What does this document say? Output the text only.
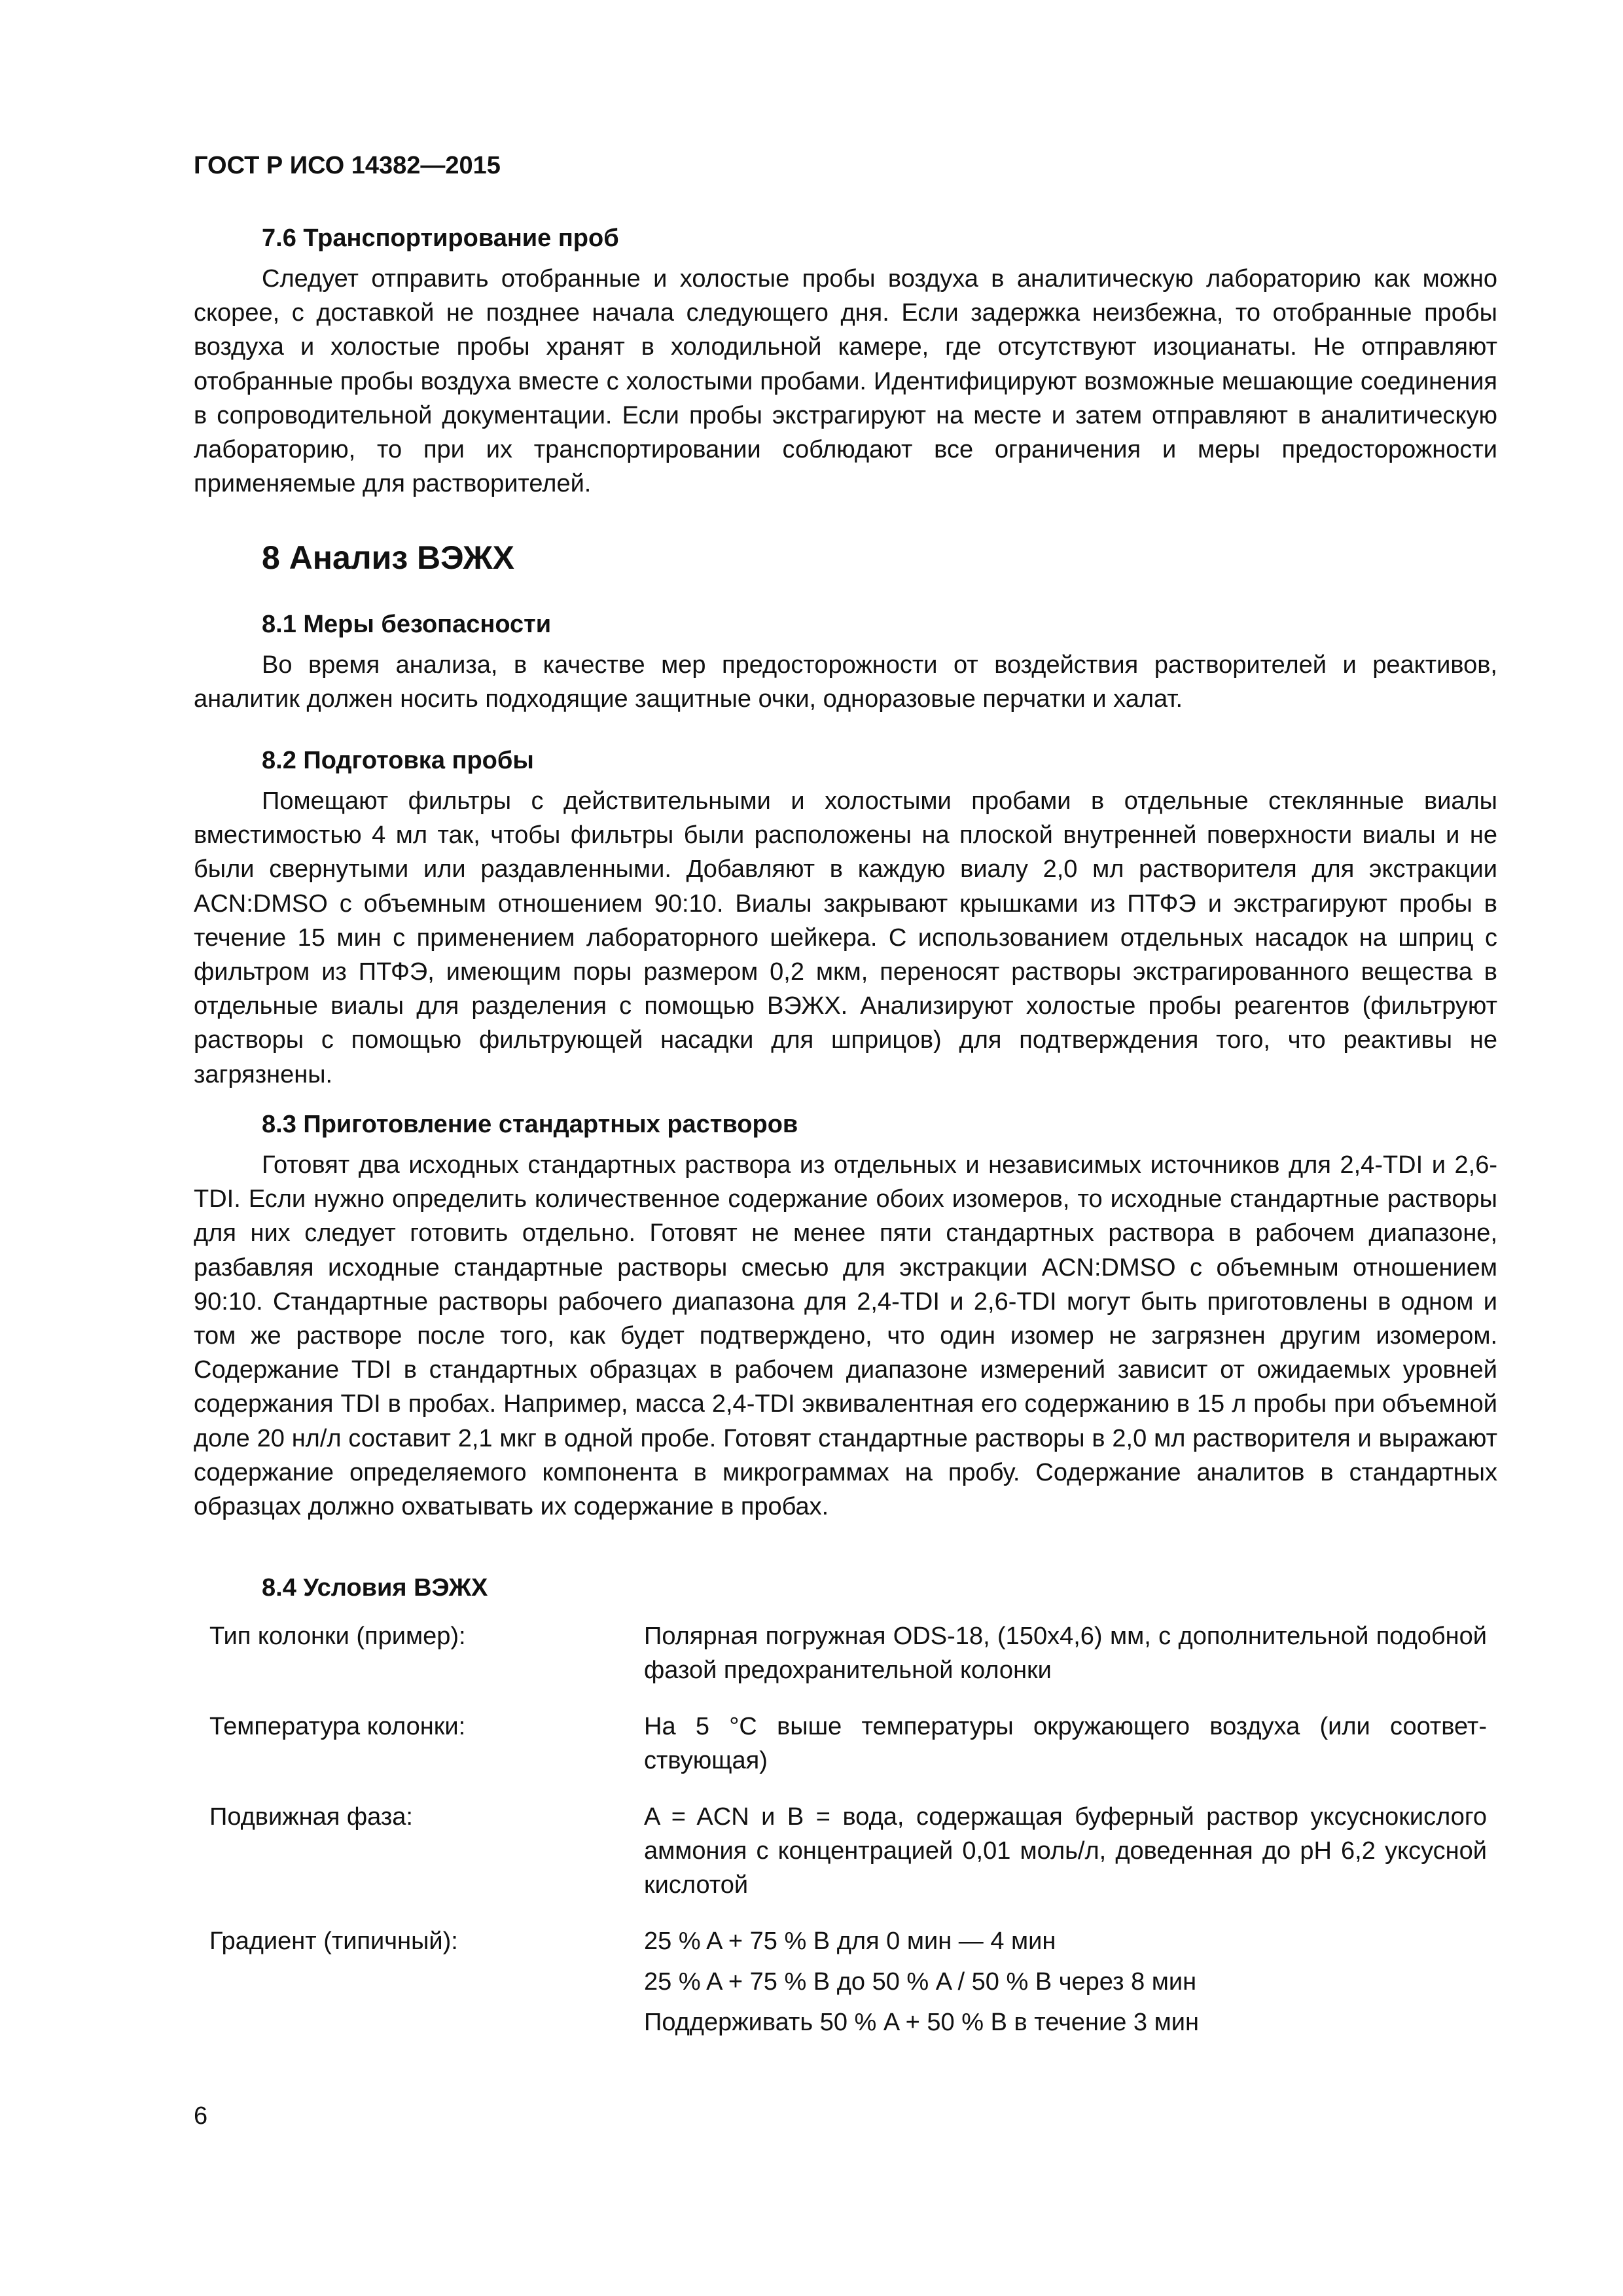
ГОСТ Р ИСО 14382—2015
7.6 Транспортирование проб

Следует отправить отобранные и холостые пробы воздуха в аналитическую лабораторию как можно скорее, с доставкой не позднее начала следующего дня. Если задержка неизбежна, то отобранные пробы воздуха и холостые пробы хранят в холодильной камере, где отсутствуют изоцианаты. Не отправляют отобранные пробы воздуха вместе с холостыми пробами. Идентифицируют возможные мешающие соединения в сопроводительной документации. Если пробы экстрагируют на месте и затем отправляют в аналитическую лабораторию, то при их транспортировании соблюдают все ограничения и меры предосторожности применяемые для растворителей.

8 Анализ ВЭЖХ
8.1 Меры безопасности

Во время анализа, в качестве мер предосторожности от воздействия растворителей и реактивов, аналитик должен носить подходящие защитные очки, одноразовые перчатки и халат.

8.2 Подготовка пробы

Помещают фильтры с действительными и холостыми пробами в отдельные стеклянные виалы вместимостью 4 мл так, чтобы фильтры были расположены на плоской внутренней поверхности виалы и не были свернутыми или раздавленными. Добавляют в каждую виалу 2,0 мл растворителя для экстракции ACN:DMSO с объемным отношением 90:10. Виалы закрывают крышками из ПТФЭ и экстрагируют пробы в течение 15 мин с применением лабораторного шейкера. С использованием отдельных насадок на шприц с фильтром из ПТФЭ, имеющим поры размером 0,2 мкм, переносят растворы экстрагированного вещества в отдельные виалы для разделения с помощью ВЭЖХ. Анализируют холостые пробы реагентов (фильтруют растворы с помощью фильтрующей насадки для шприцов) для подтверждения того, что реактивы не загрязнены.

8.3 Приготовление стандартных растворов

Готовят два исходных стандартных раствора из отдельных и независимых источников для 2,4-TDI и 2,6-TDI. Если нужно определить количественное содержание обоих изомеров, то исходные стандартные растворы для них следует готовить отдельно. Готовят не менее пяти стандартных раствора в рабочем диапазоне, разбавляя исходные стандартные растворы смесью для экстракции ACN:DMSO с объемным отношением 90:10. Стандартные растворы рабочего диапазона для 2,4-TDI и 2,6-TDI могут быть приготовлены в одном и том же растворе после того, как будет подтверждено, что один изомер не загрязнен другим изомером. Содержание TDI в стандартных образцах в рабочем диапазоне измерений зависит от ожидаемых уровней содержания TDI в пробах. Например, масса 2,4-TDI эквивалентная его содержанию в 15 л пробы при объемной доле 20 нл/л составит 2,1 мкг в одной пробе. Готовят стандартные растворы в 2,0 мл растворителя и выражают содержание определяемого компонента в микрограммах на пробу. Содержание аналитов в стандартных образцах должно охватывать их содержание в пробах.

8.4 Условия ВЭЖХ
Тип колонки (пример):	Полярная погружная ODS-18, (150x4,6) мм, с дополнительной подобной фазой предохранительной колонки
Температура колонки:	На 5 °С выше температуры окружающего воздуха (или соответствующая)
Подвижная фаза:	A = ACN и B = вода, содержащая буферный раствор уксуснокислого аммония с концентрацией 0,01 моль/л, доведенная до pH 6,2 уксусной кислотой
Градиент (типичный):	25 % A + 75 % B для 0 мин — 4 мин
25 % A + 75 % B до 50 % A / 50 % B через 8 мин
Поддерживать 50 % A + 50 % B в течение 3 мин
6
